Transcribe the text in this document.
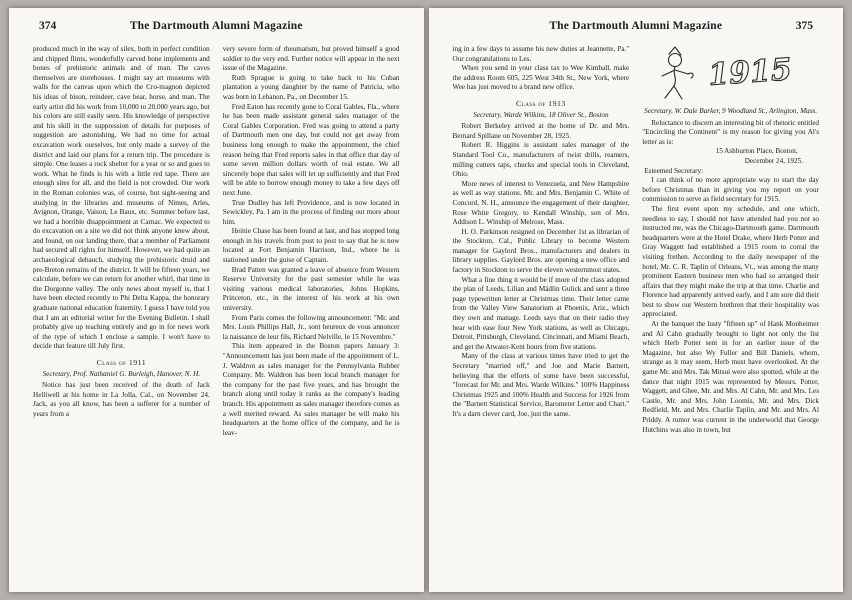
374	The Dartmouth Alumni Magazine

produced much in the way of silex, both in perfect condition and chipped flints, wonderfully carved bone implements and bones of prehistoric animals and of man. The caves themselves are storehouses. I might say art museums with walls for the canvas upon which the Cro-magnon depicted his ideas of bison, reindeer, cave bear, horse, and man. The early artist did his work from 10,000 to 20,000 years ago, but his colors are still easily seen. His knowledge of perspective and his skill in the suppression of details for purposes of suggestion are astonishing. We had no time for actual excavation work ourselves, but only made a survey of the district and laid our plans for a return trip. The procedure is simple. One leases a rock shelter for a year or so and goes to work. What he finds is his with a little red tape. There are enough sites for all, and the field is not crowded. Our work in the Roman colonies was, of course, but sight-seeing and studying in the libraries and museums of Nimes, Arles, Avignon, Orange, Vaison, Le Baux, etc. Summer before last, we had a horrible disappointment at Carnac. We expected to do excavation on a site we did not think anyone knew about, and found, on our landing there, that a member of Parliament had secured all rights for himself. However, we had quite an archaeological debauch, studying the prehistoric druid and pre-Breton remains of the district. It will be fifteen years, we calculate, before we can return for another whirl, that time in the Dorgonne valley. The only news about myself is, that I have been elected recently to Phi Delta Kappa, the honorary graduate national education fraternity. I guess I have told you that I am an editorial writer for the Evening Bulletin. I shall probably give up teaching entirely and go in for news work of the type of which I enclose a sample. I won't have to decide that feature till July first.

Class of 1911

Secretary, Prof. Nathaniel G. Burleigh, Hanover, N. H.

Notice has just been received of the death of Jack Helliwell at his home in La Jolla, Cal., on November 24. Jack, as you all know, has been a sufferer for a number of years from a

very severe form of rheumatism, but proved himself a good soldier to the very end. Further notice will appear in the next issue of the Magazine.

Ruth Sprague is going to take back to his Cuban plantation a young daughter by the name of Patricia, who was born in Lebanon, Pa., on December 15.

Fred Eaton has recently gone to Coral Gables, Fla., where he has been made assistant general sales manager of the Coral Gables Corporation. Fred was going to attend a party of Dartmouth men one day, but could not get away from business long enough to make the appointment, the chief reason being that Fred reports sales in that office that day of some seven million dollars worth of real estate. We all sincerely hope that sales will let up sufficiently and that Fred will be able to borrow enough money to take a few days off next June.

True Dudley has left Providence, and is now located in Sewickley, Pa. I am in the process of finding out more about him.

Heinie Chase has been found at last, and has stopped long enough in his travels from post to post to say that he is now located at Fort Benjamin Harrison, Ind., where he is stationed under the guise of Captain.

Brad Patten was granted a leave of absence from Western Reserve University for the past semester while he was visiting various medical laboratories, Johns Hopkins, Princeton, etc., in the interest of his work at his own university.

From Paris comes the following announcement: "Mr. and Mrs. Louis Phillips Hall, Jr., sont heureux de vous annoncer la naissance de leur fils, Richard Nelville, le 15 Novembre."

This item appeared in the Boston papers January 3: "Announcement has just been made of the appointment of L. J. Waldron as sales manager for the Pennsylvania Rubber Company. Mr. Waldron has been local branch manager for the company for the past five years, and has brought the branch along until today it ranks as the company's leading branch. His appointment as sales manager therefore comes as a well merited reward. As sales manager he will make his headquarters at the home office of the company, and he is leav-

The Dartmouth Alumni Magazine	375

ing in a few days to assume his new duties at Jeannette, Pa." Our congratulations to Les.

When you send in your class tax to Wee Kimball, make the address Room 605, 225 West 34th St., New York, where Wee has just moved to a brand new office.

Class of 1913

Secretary, Warde Wilkins, 18 Oliver St., Boston

Robert Berkeley arrived at the home of Dr. and Mrs. Bernard Spillane on November 28, 1925.

Robert R. Higgins is assistant sales manager of the Standard Tool Co., manufacturers of twist drills, reamers, milling cutters taps, chucks and special tools in Cleveland, Ohio.

More news of interest to Venezuela, and New Hampshire as well as way stations. Mr. and Mrs. Benjamin C. White of Concord, N. H., announce the engagement of their daughter, Rose White Gregory, to Kendall Winship, son of Mrs. Addison L. Winship of Melrose, Mass.

H. O. Parkinson resigned on December 1st as librarian of the Stockton, Cal., Public Library to become Western manager for Gaylord Bros., manufacturers and dealers in library supplies. Gaylord Bros. are opening a new office and factory in Stockton to serve the eleven westernmost states.

What a fine thing it would be if more of the class adopted the plan of Leeds, Lilian and Mädlin Gulick and sent a three page typewritten letter at Christmas time. Their letter came from the Valley View Sanatorium at Phoenix, Ariz., which they own and manage. Leeds says that on their radio they hear with ease four New York stations, as well as Chicago, Detroit, Pittsburgh, Cleveland, Cincinnati, and Miami Beach, and get the Atwater-Kent hours from five stations.

Many of the class at various times have tried to get the Secretary "married off," and Joe and Marie Barnett, believing that the efforts of some have been successful, "forecast for Mr. and Mrs. Warde Wilkins." 100% Happiness Christmas 1925 and 100% Health and Success for 1926 from the "Barnett Statistical Service, Barometer Letter and Chart." It's a darn clever card, Joe, just the same.

1915

Secretary, W. Dale Barker, 9 Woodland St., Arlington, Mass.

Reluctance to discern an interesting bit of rhetoric entitled "Encircling the Continent" is my reason for giving you Al's letter as is:

15 Ashburton Place, Boston,

December 24, 1925.

Esteemed Secretary:

I can think of no more appropriate way to start the day before Christmas than in giving you my report on your commission to serve as field secretary for 1915.

The first event upon my schedule, and one which, needless to say, I should not have attended had you not so instructed me, was the Chicago-Dartmouth game. Dartmouth headquarters were at the Hotel Drake, where Herb Potter and Gray Waggett had established a 1915 room to corral the visiting frethen. According to the daily newspaper of the hotel, Mr. C. R. Taplin of Orleans, Vt., was among the many prominent Eastern business men who had so arranged their affairs that they might make the trip at that time. Charlie and Florence had apparently arrived early, and I am sure did their best to show our Western brethren that their hospitality was appreciated.

At the banquet the lusty "fifteen up" of Hank Monheimer and Al Cahn gradually brought to light not only the list which Herb Potter sent in for an earlier issue of the Magazine, but also Wy Fuller and Bill Daniels, whom, strange as it may seem, Herb must have overlooked. At the game Mr. and Mrs. Tak Mitsui were also spotted, while at the dance that night 1915 was represented by Messrs. Potter, Waggett, and Ghee, Mr. and Mrs. Al Cahn, Mr. and Mrs. Les Castle, Mr. and Mrs. John Loomis, Mr. and Mrs. Dick Redfield, Mr. and Mrs. Charlie Taplin, and Mr. and Mrs. Al Priddy. A rumor was current in the underworld that George Hutchins was also in town, but
